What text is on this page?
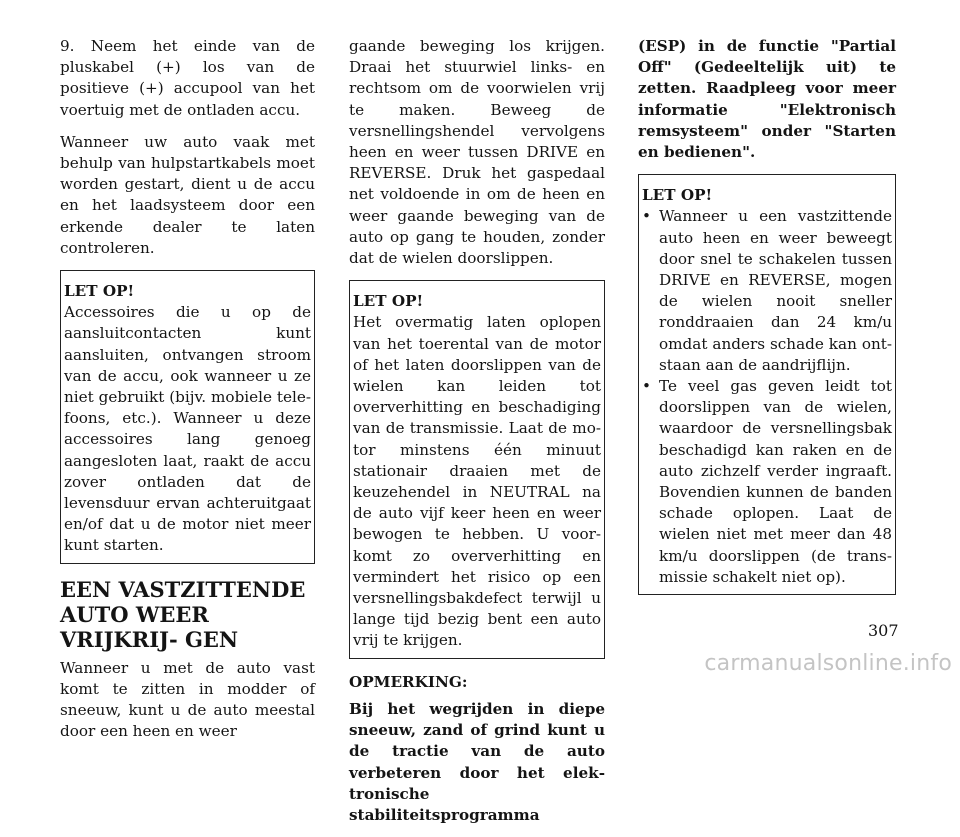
9. Neem het einde van de pluskabel (+) los van de positieve (+) accupool van het voertuig met de ontladen accu.

Wanneer uw auto vaak met behulp van hulpstartkabels moet worden gestart, dient u de accu en het laadsysteem door een erkende dealer te laten controleren.

LET OP!

Accessoires die u op de aansluitcontacten kunt aansluiten, ontvangen stroom van de accu, ook wanneer u ze niet gebruikt (bijv. mobiele telefoons, etc.). Wanneer u deze accessoires lang genoeg aangesloten laat, raakt de accu zover ontladen dat de levensduur ervan achteruitgaat en/of dat u de motor niet meer kunt starten.

EEN VASTZITTENDE AUTO WEER VRIJKRIJ- GEN

Wanneer u met de auto vast komt te zitten in modder of sneeuw, kunt u de auto meestal door een heen en weer

gaande beweging los krijgen. Draai het stuurwiel links- en rechtsom om de voorwielen vrij te maken. Beweeg de versnellingshendel vervolgens heen en weer tussen DRIVE en REVERSE. Druk het gaspedaal net voldoende in om de heen en weer gaande beweging van de auto op gang te houden, zonder dat de wielen doorslippen.

LET OP!

Het overmatig laten oplopen van het toerental van de motor of het laten doorslippen van de wielen kan leiden tot oververhitting en beschadiging van de transmissie. Laat de motor minstens één minuut stationair draaien met de keuzehendel in NEUTRAL na de auto vijf keer heen en weer bewogen te hebben. U voorkomt zo oververhitting en vermindert het risico op een versnellingsbakdefect terwijl u lange tijd bezig bent een auto vrij te krijgen.

OPMERKING:

Bij het wegrijden in diepe sneeuw, zand of grind kunt u de tractie van de auto verbeteren door het elektronische stabiliteitsprogramma

(ESP) in de functie "Partial Off" (Gedeeltelijk uit) te zetten. Raadpleeg voor meer informatie "Elektronisch remsysteem" onder "Starten en bedienen".

LET OP!

• Wanneer u een vastzittende auto heen en weer beweegt door snel te schakelen tussen DRIVE en REVERSE, mogen de wielen nooit sneller ronddraaien dan 24 km/u omdat anders schade kan ontstaan aan de aandrijflijn.
• Te veel gas geven leidt tot doorslippen van de wielen, waardoor de versnellingsbak beschadigd kan raken en de auto zichzelf verder ingraaft. Bovendien kunnen de banden schade oplopen. Laat de wielen niet met meer dan 48 km/u doorslippen (de transmissie schakelt niet op).
307
carmanualsonline.info
